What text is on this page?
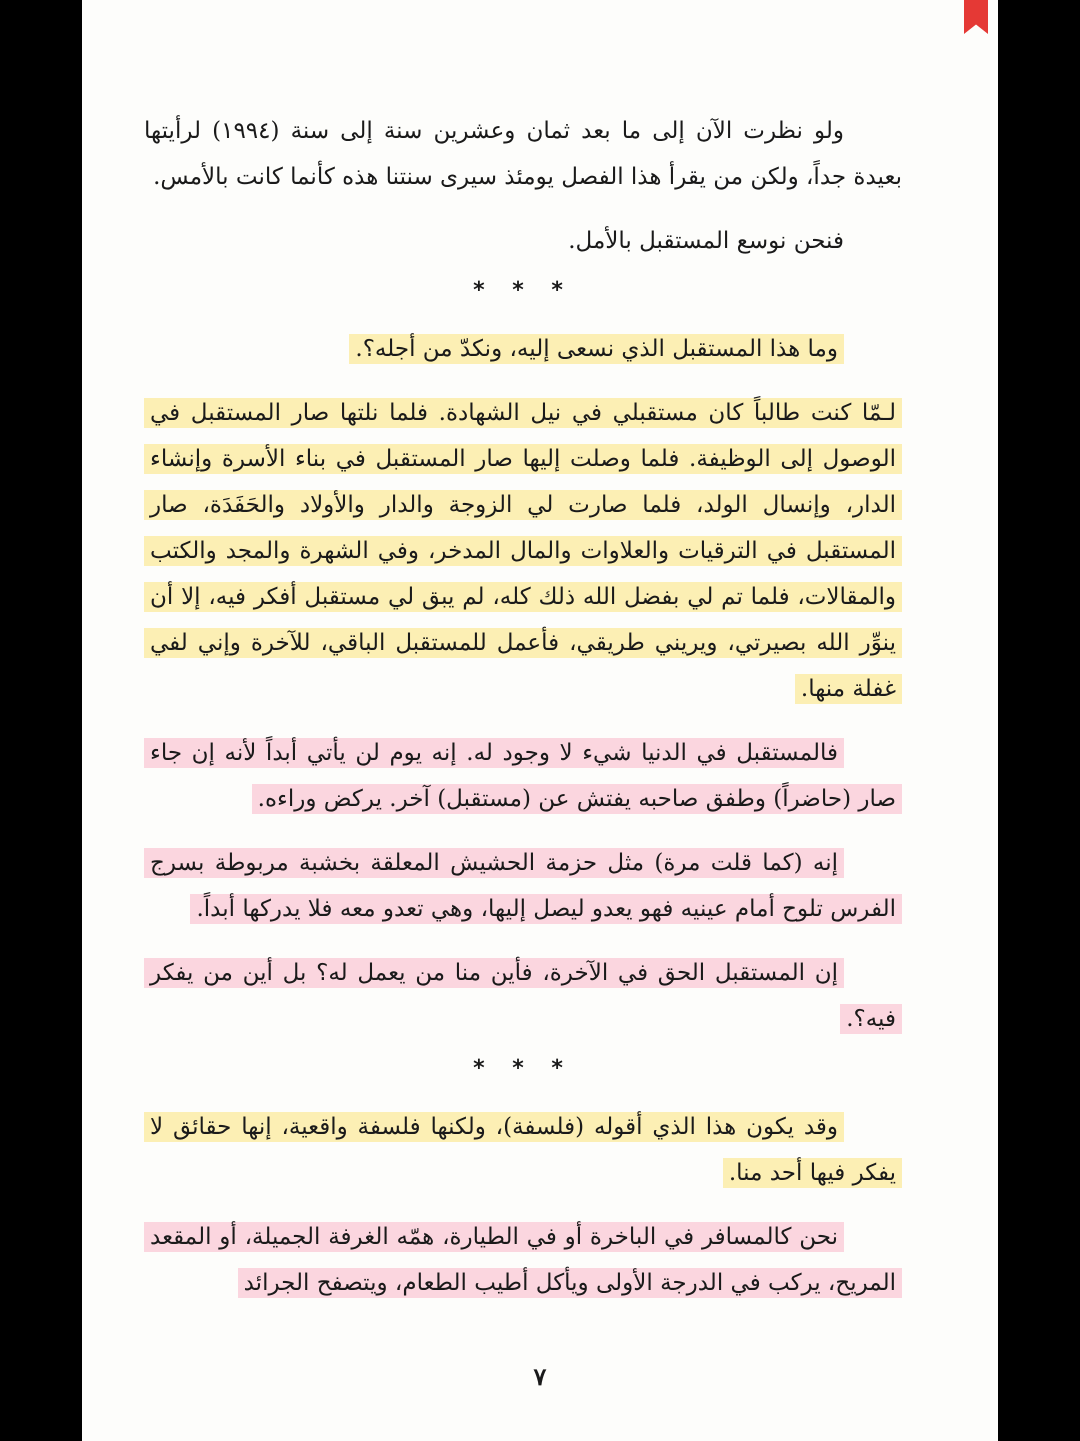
ولو نظرت الآن إلى ما بعد ثمان وعشرين سنة إلى سنة (١٩٩٤) لرأيتها بعيدة جداً، ولكن من يقرأ هذا الفصل يومئذ سيرى سنتنا هذه كأنما كانت بالأمس.

فنحن نوسع المستقبل بالأمل.

* * *

وما هذا المستقبل الذي نسعى إليه، ونكدّ من أجله؟.

لـمّا كنت طالباً كان مستقبلي في نيل الشهادة. فلما نلتها صار المستقبل في الوصول إلى الوظيفة. فلما وصلت إليها صار المستقبل في بناء الأسرة وإنشاء الدار، وإنسال الولد، فلما صارت لي الزوجة والدار والأولاد والحَفَدَة، صار المستقبل في الترقيات والعلاوات والمال المدخر، وفي الشهرة والمجد والكتب والمقالات، فلما تم لي بفضل الله ذلك كله، لم يبق لي مستقبل أفكر فيه، إلا أن ينوِّر الله بصيرتي، ويريني طريقي، فأعمل للمستقبل الباقي، للآخرة وإني لفي غفلة منها.

فالمستقبل في الدنيا شيء لا وجود له. إنه يوم لن يأتي أبداً لأنه إن جاء صار (حاضراً) وطفق صاحبه يفتش عن (مستقبل) آخر. يركض وراءه.

إنه (كما قلت مرة) مثل حزمة الحشيش المعلقة بخشبة مربوطة بسرج الفرس تلوح أمام عينيه فهو يعدو ليصل إليها، وهي تعدو معه فلا يدركها أبداً.

إن المستقبل الحق في الآخرة، فأين منا من يعمل له؟ بل أين من يفكر فيه؟.

* * *

وقد يكون هذا الذي أقوله (فلسفة)، ولكنها فلسفة واقعية، إنها حقائق لا يفكر فيها أحد منا.

نحن كالمسافر في الباخرة أو في الطيارة، همّه الغرفة الجميلة، أو المقعد المريح، يركب في الدرجة الأولى ويأكل أطيب الطعام، ويتصفح الجرائد

٧
